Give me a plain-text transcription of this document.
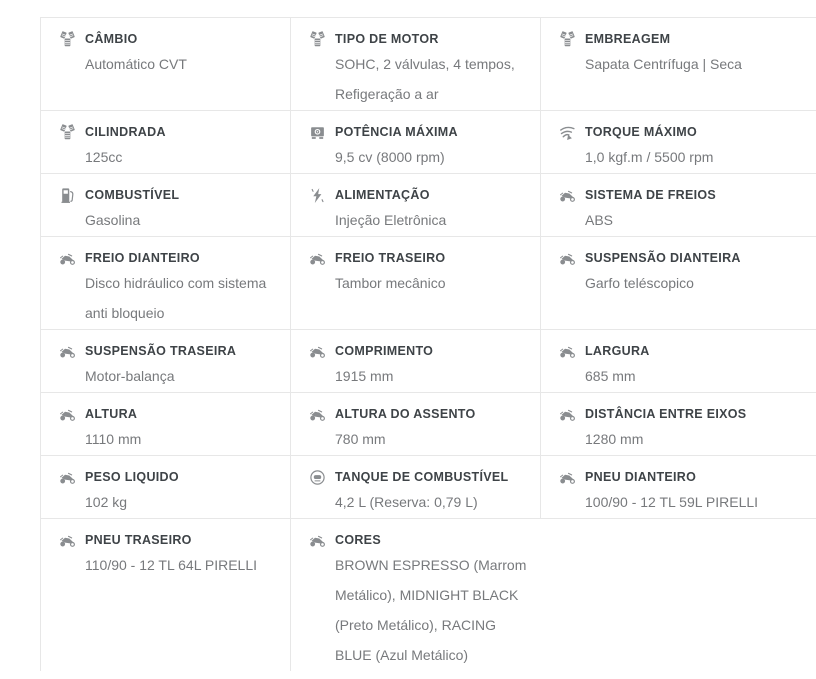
CÂMBIO
Automático CVT
TIPO DE MOTOR
SOHC, 2 válvulas, 4 tempos, Refigeração a ar
EMBREAGEM
Sapata Centrífuga | Seca
CILINDRADA
125cc
POTÊNCIA MÁXIMA
9,5 cv (8000 rpm)
TORQUE MÁXIMO
1,0 kgf.m / 5500 rpm
COMBUSTÍVEL
Gasolina
ALIMENTAÇÃO
Injeção Eletrônica
SISTEMA DE FREIOS
ABS
FREIO DIANTEIRO
Disco hidráulico com sistema anti bloqueio
FREIO TRASEIRO
Tambor mecânico
SUSPENSÃO DIANTEIRA
Garfo teléscopico
SUSPENSÃO TRASEIRA
Motor-balança
COMPRIMENTO
1915 mm
LARGURA
685 mm
ALTURA
1110 mm
ALTURA DO ASSENTO
780 mm
DISTÂNCIA ENTRE EIXOS
1280 mm
PESO LIQUIDO
102 kg
TANQUE DE COMBUSTÍVEL
4,2 L (Reserva: 0,79 L)
PNEU DIANTEIRO
100/90 - 12 TL 59L PIRELLI
PNEU TRASEIRO
110/90 - 12 TL 64L PIRELLI
CORES
BROWN ESPRESSO (Marrom Metálico), MIDNIGHT BLACK (Preto Metálico), RACING BLUE (Azul Metálico)
